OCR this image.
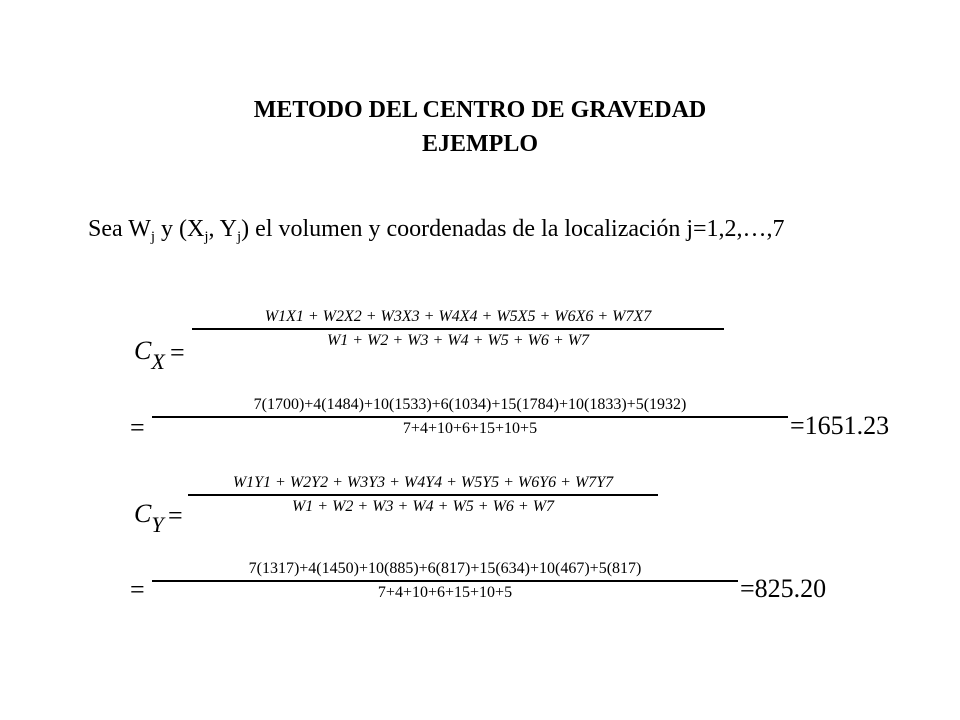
METODO DEL CENTRO DE GRAVEDAD
EJEMPLO
Sea $W_j$ y ($X_j$, $Y_j$) el volumen y coordenadas de la localización j=1,2,…,7
$C_X$ =
W1X1 + W2X2 + W3X3 + W4X4 + W5X5 + W6X6 + W7X7
W1 + W2 + W3 + W4 + W5 + W6 + W7
=
7(1700)+4(1484)+10(1533)+6(1034)+15(1784)+10(1833)+5(1932)
7+4+10+6+15+10+5	=1651.23
$C_Y$ =
W1Y1 + W2Y2 + W3Y3 + W4Y4 + W5Y5 + W6Y6 + W7Y7
W1 + W2 + W3 + W4 + W5 + W6 + W7
=
7(1317)+4(1450)+10(885)+6(817)+15(634)+10(467)+5(817)
7+4+10+6+15+10+5	=825.20
